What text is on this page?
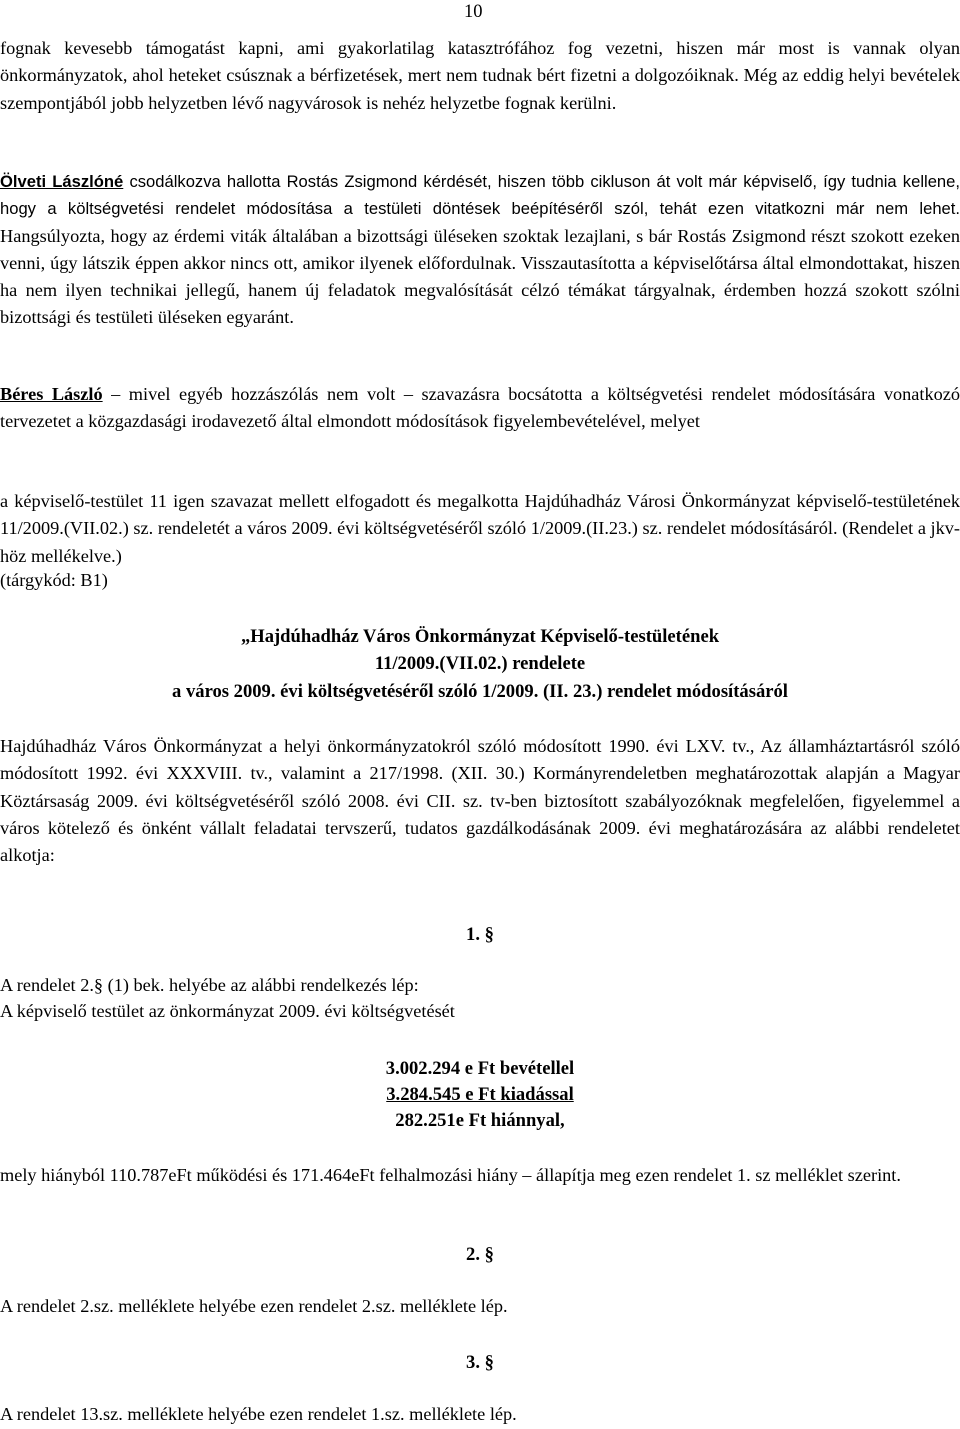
10

fognak kevesebb támogatást kapni, ami gyakorlatilag katasztrófához fog vezetni, hiszen már most is vannak olyan önkormányzatok, ahol heteket csúsznak a bérfizetések, mert nem tudnak bért fizetni a dolgozóiknak. Még az eddig helyi bevételek szempontjából jobb helyzetben lévő nagyvárosok is nehéz helyzetbe fognak kerülni.

Ölveti Lászlóné csodálkozva hallotta Rostás Zsigmond kérdését, hiszen több cikluson át volt már képviselő, így tudnia kellene, hogy a költségvetési rendelet módosítása a testületi döntések beépítéséről szól, tehát ezen vitatkozni már nem lehet. Hangsúlyozta, hogy az érdemi viták általában a bizottsági üléseken szoktak lezajlani, s bár Rostás Zsigmond részt szokott ezeken venni, úgy látszik éppen akkor nincs ott, amikor ilyenek előfordulnak. Visszautasította a képviselőtársa által elmondottakat, hiszen ha nem ilyen technikai jellegű, hanem új feladatok megvalósítását célzó témákat tárgyalnak, érdemben hozzá szokott szólni bizottsági és testületi üléseken egyaránt.

Béres László – mivel egyéb hozzászólás nem volt – szavazásra bocsátotta a költségvetési rendelet módosítására vonatkozó tervezetet a közgazdasági irodavezető által elmondott módosítások figyelembevételével, melyet

a képviselő-testület 11 igen szavazat mellett elfogadott és megalkotta Hajdúhadház Városi Önkormányzat képviselő-testületének 11/2009.(VII.02.) sz. rendeletét a város 2009. évi költségvetéséről szóló 1/2009.(II.23.) sz. rendelet módosításáról. (Rendelet a jkv-höz mellékelve.)

(tárgykód: B1)
„Hajdúhadház Város Önkormányzat Képviselő-testületének
11/2009.(VII.02.) rendelete
a város 2009. évi költségvetéséről szóló 1/2009. (II. 23.) rendelet módosításáról

Hajdúhadház Város Önkormányzat a helyi önkormányzatokról szóló módosított 1990. évi LXV. tv., Az államháztartásról szóló módosított 1992. évi XXXVIII. tv., valamint a 217/1998. (XII. 30.) Kormányrendeletben meghatározottak alapján a Magyar Köztársaság 2009. évi költségvetéséről szóló 2008. évi CII. sz. tv-ben biztosított szabályozóknak megfelelően, figyelemmel a város kötelező és önként vállalt feladatai tervszerű, tudatos gazdálkodásának 2009. évi meghatározására az alábbi rendeletet alkotja:

1. §
A rendelet 2.§ (1) bek. helyébe az alábbi rendelkezés lép:
A képviselő testület az önkormányzat 2009. évi költségvetését
3.002.294 e Ft bevétellel
3.284.545 e Ft kiadással
282.251e Ft hiánnyal,

mely hiányból 110.787eFt működési és 171.464eFt felhalmozási hiány – állapítja meg ezen rendelet 1. sz melléklet szerint.

2. §
A rendelet 2.sz. melléklete helyébe ezen rendelet 2.sz. melléklete lép.
3. §
A rendelet 13.sz. melléklete helyébe ezen rendelet 1.sz. melléklete lép.
